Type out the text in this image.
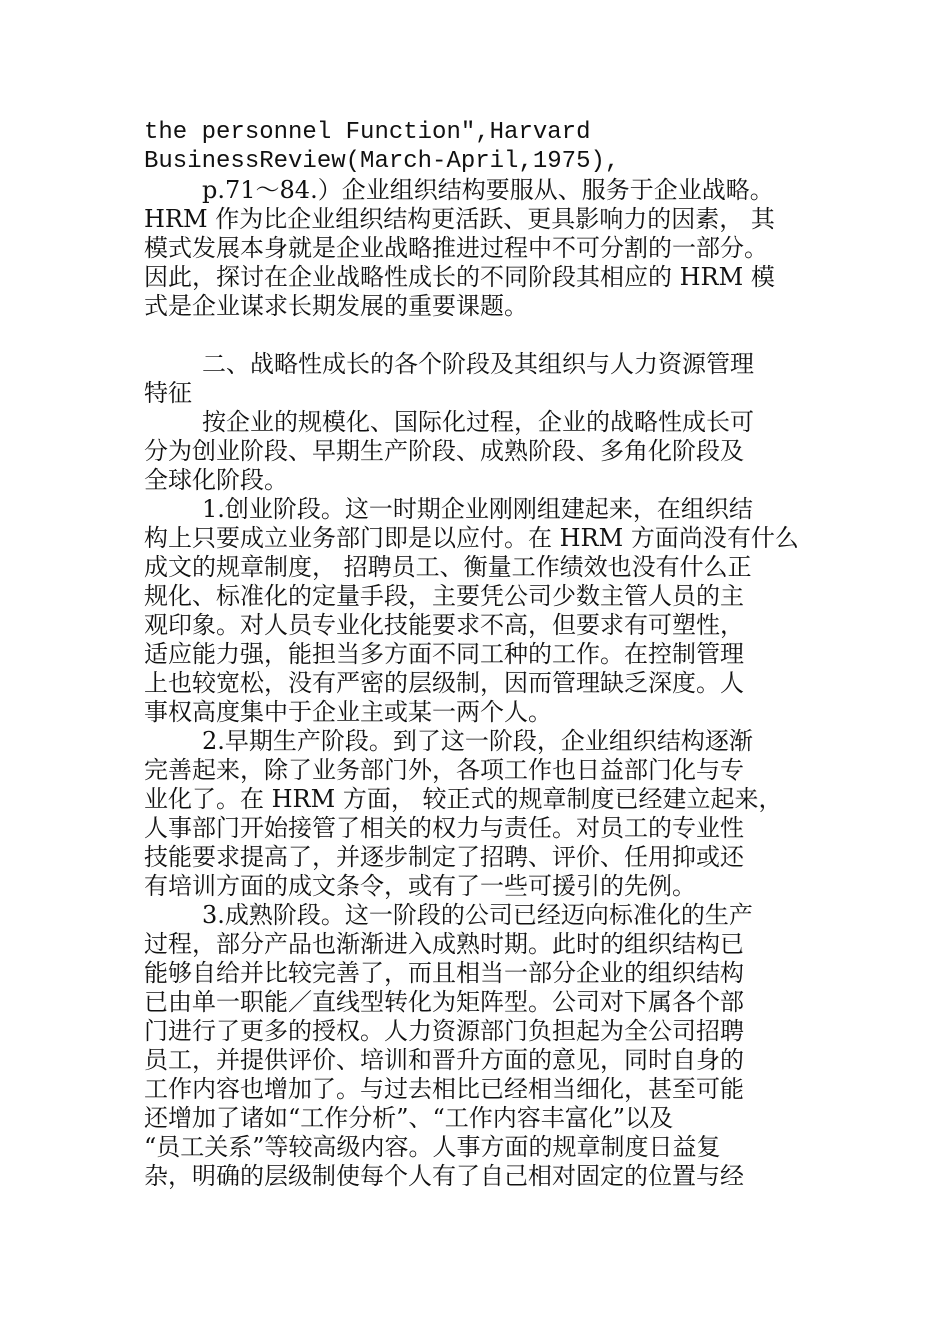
the personnel Function",Harvard
BusinessReview(March-April,1975),
p.71～84.）企业组织结构要服从、服务于企业战略。
HRM 作为比企业组织结构更活跃、更具影响力的因素， 其
模式发展本身就是企业战略推进过程中不可分割的一部分。
因此，探讨在企业战略性成长的不同阶段其相应的 HRM 模
式是企业谋求长期发展的重要课题。
二、战略性成长的各个阶段及其组织与人力资源管理
特征
按企业的规模化、国际化过程，企业的战略性成长可
分为创业阶段、早期生产阶段、成熟阶段、多角化阶段及
全球化阶段。
1.创业阶段。这一时期企业刚刚组建起来，在组织结
构上只要成立业务部门即是以应付。在 HRM 方面尚没有什么
成文的规章制度， 招聘员工、衡量工作绩效也没有什么正
规化、标准化的定量手段，主要凭公司少数主管人员的主
观印象。对人员专业化技能要求不高，但要求有可塑性，
适应能力强，能担当多方面不同工种的工作。在控制管理
上也较宽松，没有严密的层级制，因而管理缺乏深度。人
事权高度集中于企业主或某一两个人。
2.早期生产阶段。到了这一阶段，企业组织结构逐渐
完善起来，除了业务部门外，各项工作也日益部门化与专
业化了。在 HRM 方面， 较正式的规章制度已经建立起来，
人事部门开始接管了相关的权力与责任。对员工的专业性
技能要求提高了，并逐步制定了招聘、评价、任用抑或还
有培训方面的成文条令，或有了一些可援引的先例。
3.成熟阶段。这一阶段的公司已经迈向标准化的生产
过程，部分产品也渐渐进入成熟时期。此时的组织结构已
能够自给并比较完善了，而且相当一部分企业的组织结构
已由单一职能／直线型转化为矩阵型。公司对下属各个部
门进行了更多的授权。人力资源部门负担起为全公司招聘
员工，并提供评价、培训和晋升方面的意见，同时自身的
工作内容也增加了。与过去相比已经相当细化，甚至可能
还增加了诸如“工作分析”、“工作内容丰富化”以及
“员工关系”等较高级内容。人事方面的规章制度日益复
杂，明确的层级制使每个人有了自己相对固定的位置与经
